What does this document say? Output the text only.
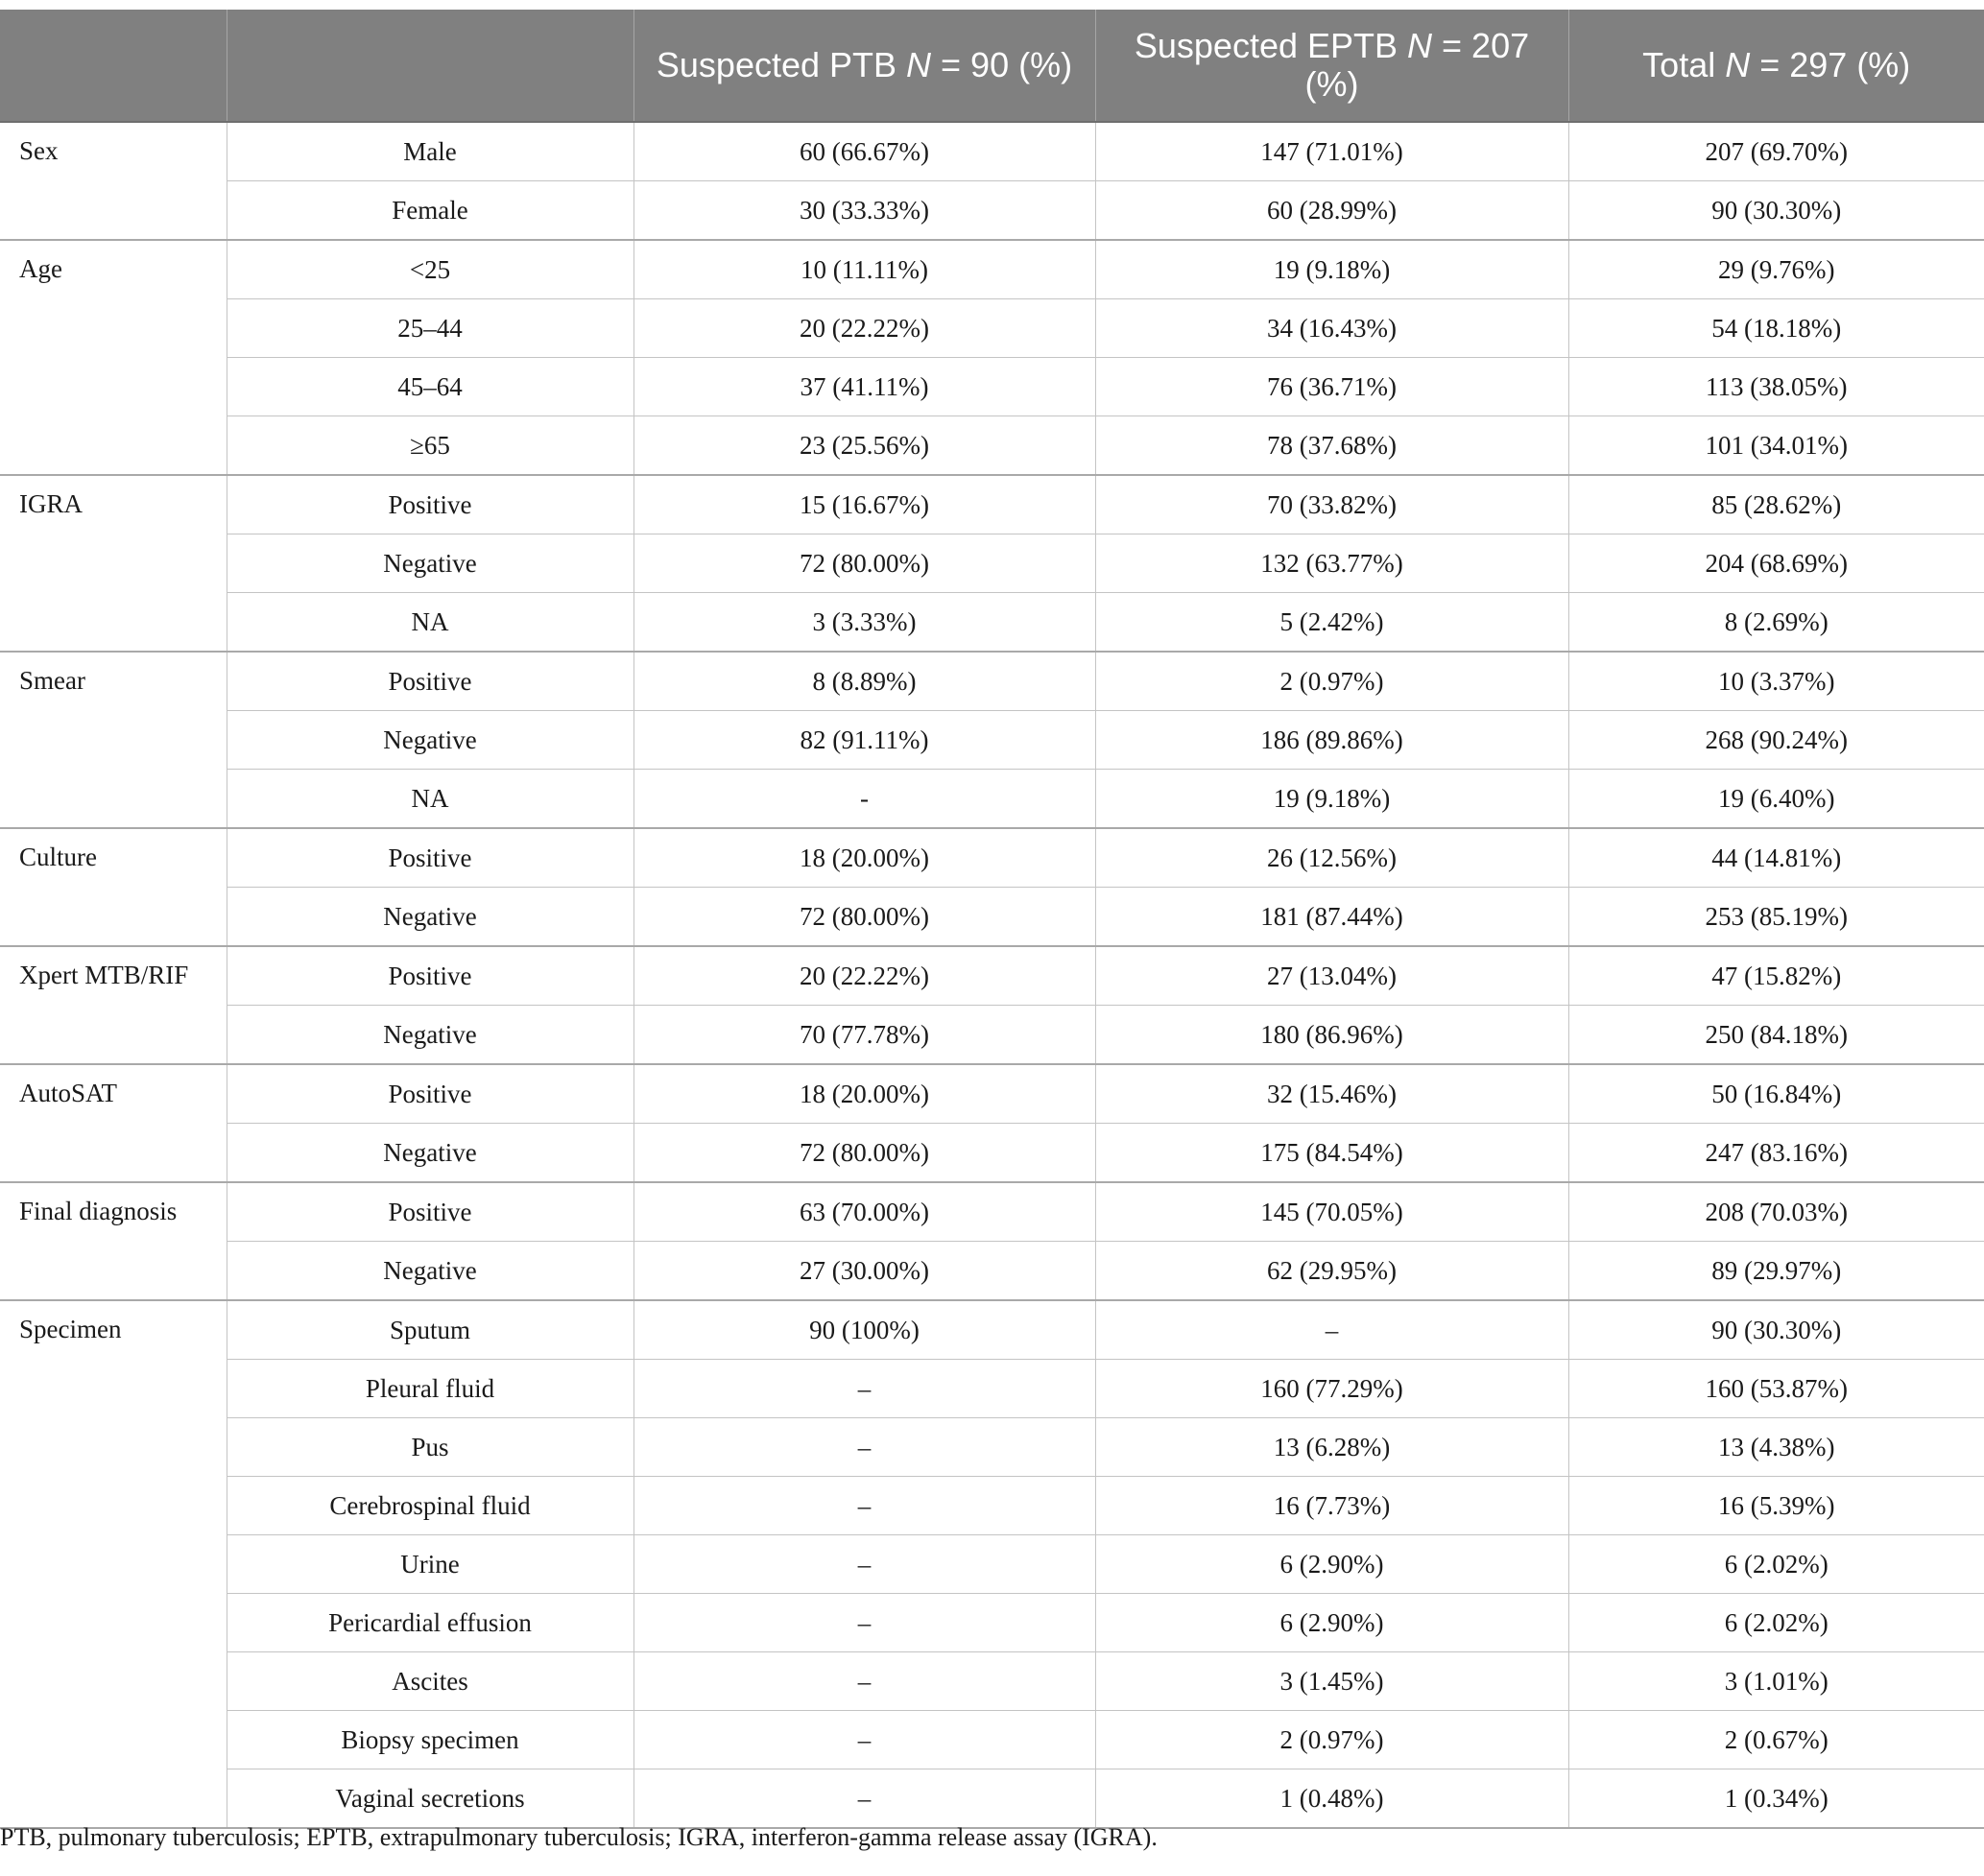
		Suspected PTB N = 90 (%)	Suspected EPTB N = 207 (%)	Total N = 297 (%)
Sex	Male	60 (66.67%)	147 (71.01%)	207 (69.70%)
	Female	30 (33.33%)	60 (28.99%)	90 (30.30%)
Age	<25	10 (11.11%)	19 (9.18%)	29 (9.76%)
	25–44	20 (22.22%)	34 (16.43%)	54 (18.18%)
	45–64	37 (41.11%)	76 (36.71%)	113 (38.05%)
	≥65	23 (25.56%)	78 (37.68%)	101 (34.01%)
IGRA	Positive	15 (16.67%)	70 (33.82%)	85 (28.62%)
	Negative	72 (80.00%)	132 (63.77%)	204 (68.69%)
	NA	3 (3.33%)	5 (2.42%)	8 (2.69%)
Smear	Positive	8 (8.89%)	2 (0.97%)	10 (3.37%)
	Negative	82 (91.11%)	186 (89.86%)	268 (90.24%)
	NA	-	19 (9.18%)	19 (6.40%)
Culture	Positive	18 (20.00%)	26 (12.56%)	44 (14.81%)
	Negative	72 (80.00%)	181 (87.44%)	253 (85.19%)
Xpert MTB/RIF	Positive	20 (22.22%)	27 (13.04%)	47 (15.82%)
	Negative	70 (77.78%)	180 (86.96%)	250 (84.18%)
AutoSAT	Positive	18 (20.00%)	32 (15.46%)	50 (16.84%)
	Negative	72 (80.00%)	175 (84.54%)	247 (83.16%)
Final diagnosis	Positive	63 (70.00%)	145 (70.05%)	208 (70.03%)
	Negative	27 (30.00%)	62 (29.95%)	89 (29.97%)
Specimen	Sputum	90 (100%)	–	90 (30.30%)
	Pleural fluid	–	160 (77.29%)	160 (53.87%)
	Pus	–	13 (6.28%)	13 (4.38%)
	Cerebrospinal fluid	–	16 (7.73%)	16 (5.39%)
	Urine	–	6 (2.90%)	6 (2.02%)
	Pericardial effusion	–	6 (2.90%)	6 (2.02%)
	Ascites	–	3 (1.45%)	3 (1.01%)
	Biopsy specimen	–	2 (0.97%)	2 (0.67%)
	Vaginal secretions	–	1 (0.48%)	1 (0.34%)
PTB, pulmonary tuberculosis; EPTB, extrapulmonary tuberculosis; IGRA, interferon-gamma release assay (IGRA).
